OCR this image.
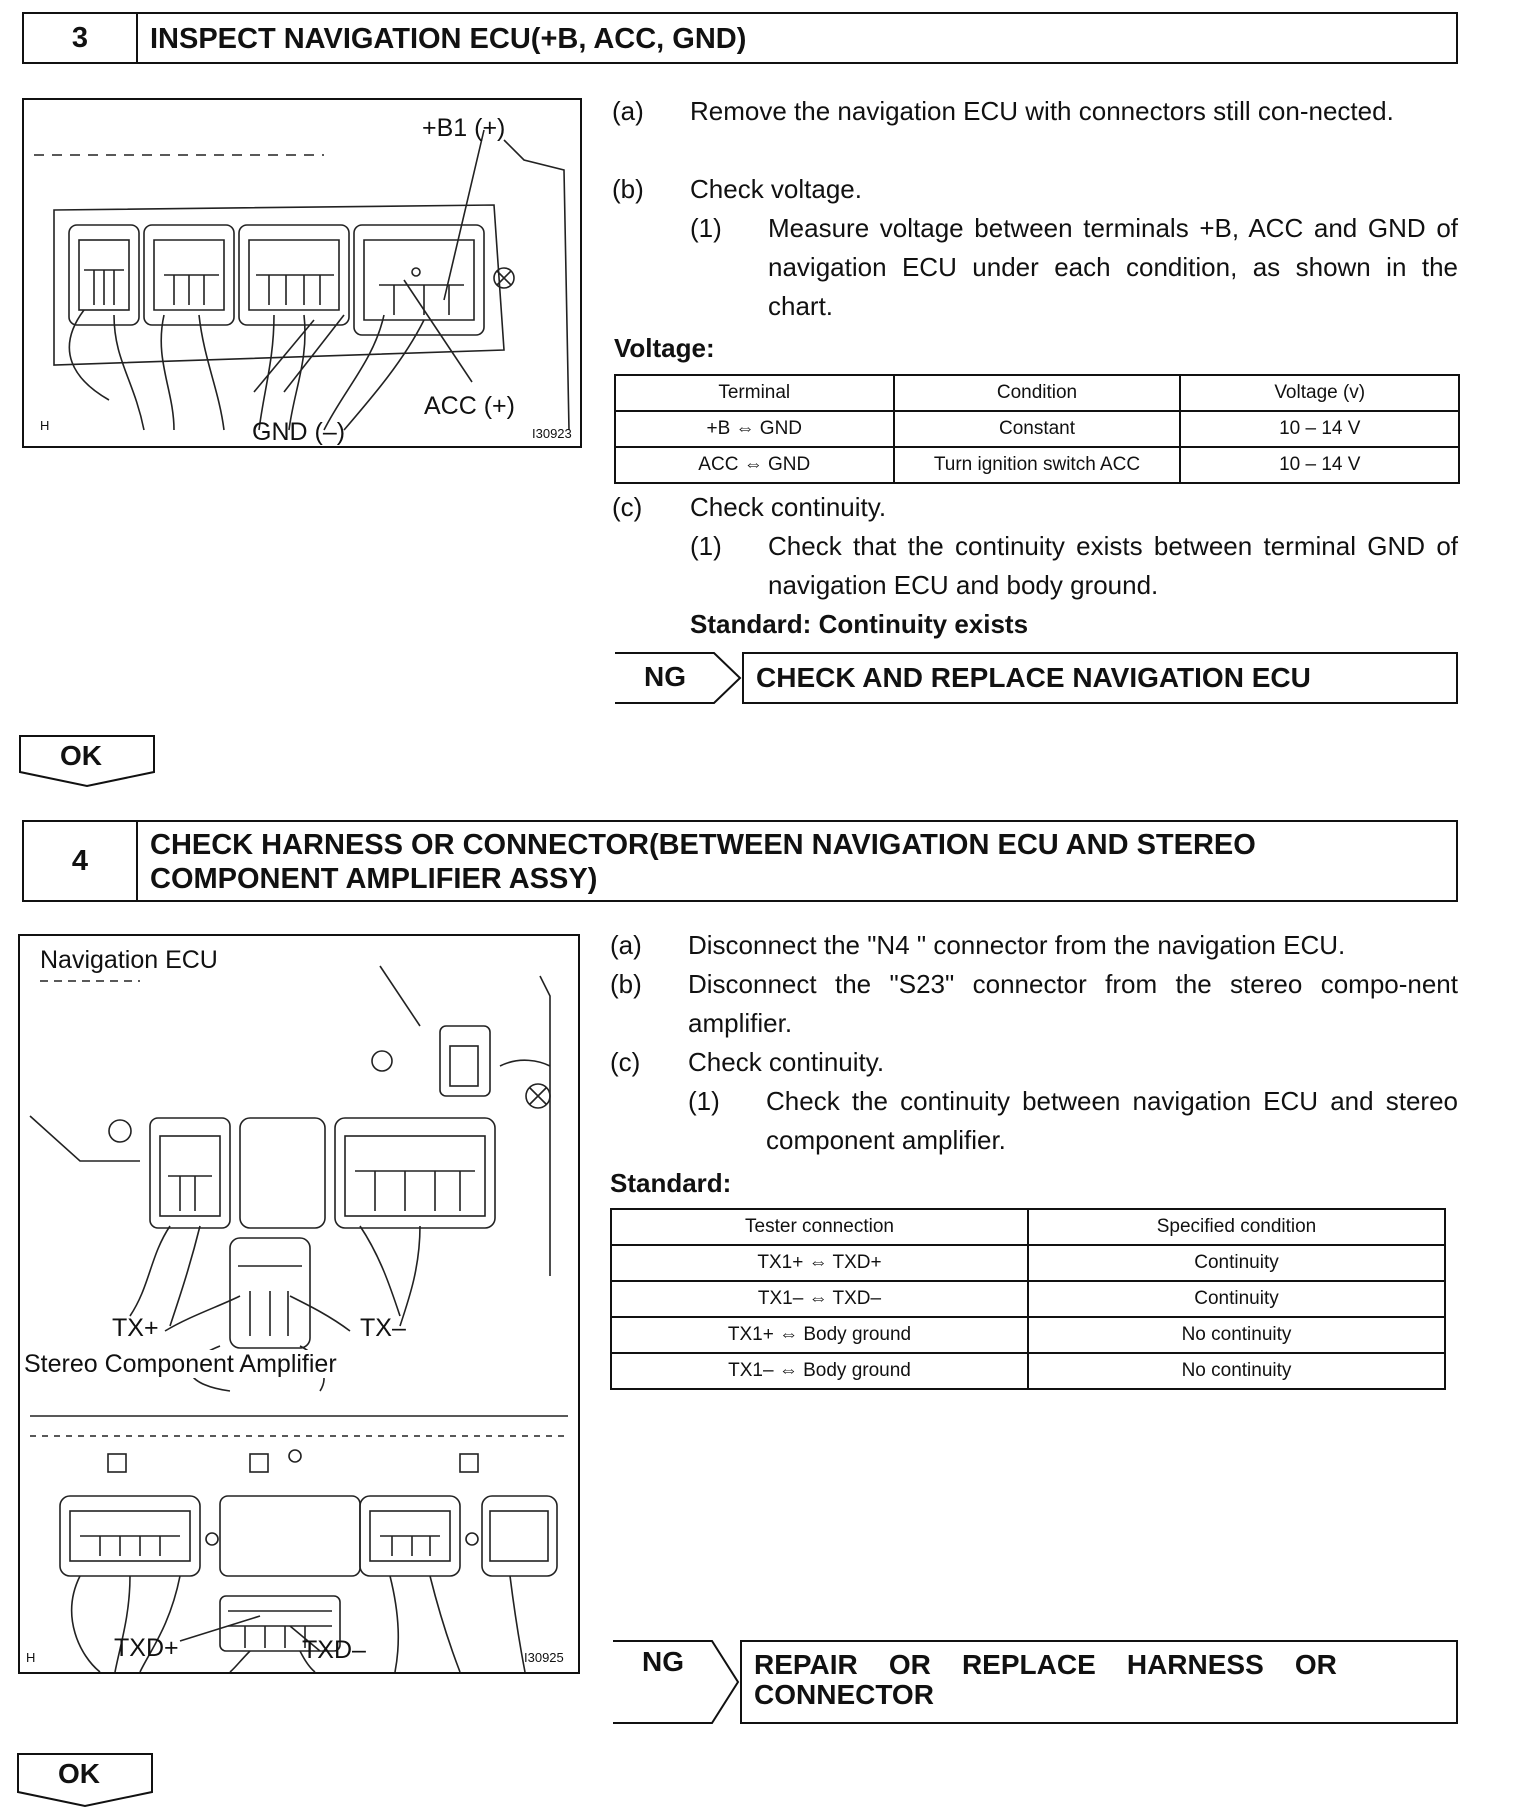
3	INSPECT NAVIGATION ECU(+B, ACC, GND)
+B1 (+)
ACC (+)
GND (–)
H
I30923
(a) Remove the navigation ECU with connectors still con-nected.
(b) Check voltage.
(1) Measure voltage between terminals +B, ACC and GND of navigation ECU under each condition, as shown in the chart.
Voltage:
Terminal	Condition	Voltage (v)
+B ⇔ GND	Constant	10 – 14 V
ACC ⇔ GND	Turn ignition switch ACC	10 – 14 V
(c) Check continuity.
(1) Check that the continuity exists between terminal GND of navigation ECU and body ground.
Standard: Continuity exists
NG	CHECK AND REPLACE NAVIGATION ECU
OK
4	CHECK HARNESS OR CONNECTOR(BETWEEN NAVIGATION ECU AND STEREO COMPONENT AMPLIFIER ASSY)
Navigation ECU
TX+	TX–
Stereo Component Amplifier
TXD+	TXD–
H	I30925
(a) Disconnect the "N4 " connector from the navigation ECU.
(b) Disconnect the "S23" connector from the stereo compo-nent amplifier.
(c) Check continuity.
(1) Check the continuity between navigation ECU and stereo component amplifier.
Standard:
Tester connection	Specified condition
TX1+ ⇔ TXD+	Continuity
TX1– ⇔ TXD–	Continuity
TX1+ ⇔ Body ground	No continuity
TX1– ⇔ Body ground	No continuity
NG	REPAIR    OR    REPLACE    HARNESS    OR
CONNECTOR
OK
